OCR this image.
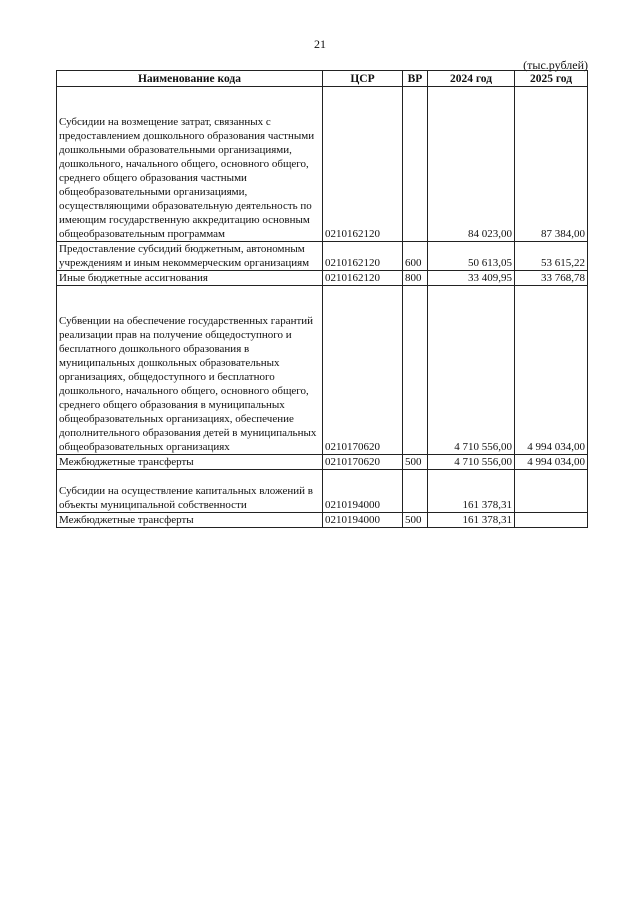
21
(тыс.рублей)
Наименование кода	ЦСР	ВР	2024 год	2025 год

Субсидии на возмещение затрат, связанных с предоставлением дошкольного образования частными дошкольными образовательными организациями, дошкольного, начального общего, основного общего, среднего общего образования частными общеобразовательными организациями, осуществляющими образовательную деятельность по имеющим государственную аккредитацию основным общеобразовательным программам	0210162120		84 023,00	87 384,00
Предоставление субсидий бюджетным, автономным учреждениям и иным некоммерческим организациям	0210162120	600	50 613,05	53 615,22
Иные бюджетные ассигнования	0210162120	800	33 409,95	33 768,78

Субвенции на обеспечение государственных гарантий реализации прав на получение общедоступного и бесплатного дошкольного образования в муниципальных дошкольных образовательных организациях, общедоступного и бесплатного дошкольного, начального общего, основного общего, среднего общего образования в муниципальных общеобразовательных организациях, обеспечение дополнительного образования детей в муниципальных общеобразовательных организациях	0210170620		4 710 556,00	4 994 034,00
Межбюджетные трансферты	0210170620	500	4 710 556,00	4 994 034,00

Субсидии на осуществление капитальных вложений в объекты муниципальной собственности	0210194000		161 378,31	
Межбюджетные трансферты	0210194000	500	161 378,31	
